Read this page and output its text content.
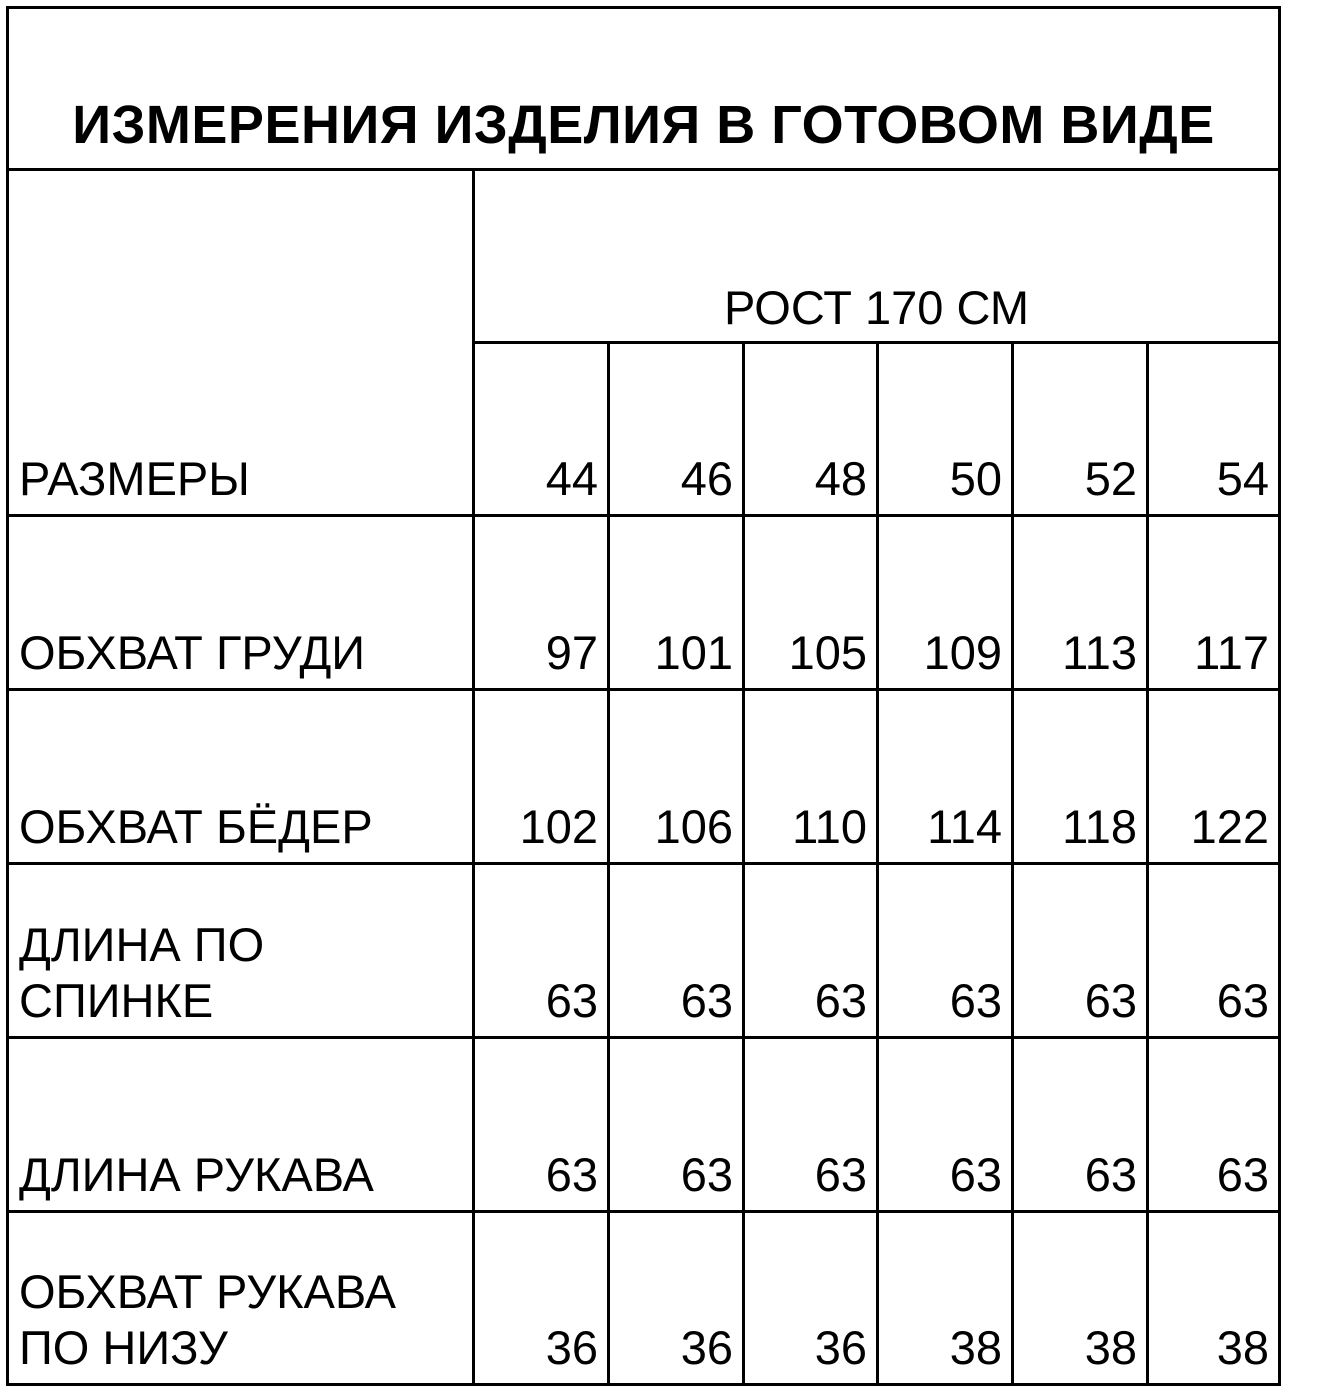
ИЗМЕРЕНИЯ ИЗДЕЛИЯ В ГОТОВОМ ВИДЕ
РОСТ 170 СМ
РАЗМЕРЫ	44	46	48	50	52	54
ОБХВАТ ГРУДИ	97	101	105	109	113	117
ОБХВАТ БЁДЕР	102	106	110	114	118	122
ДЛИНА ПО
СПИНКЕ	63	63	63	63	63	63
ДЛИНА РУКАВА	63	63	63	63	63	63
ОБХВАТ РУКАВА
ПО НИЗУ	36	36	36	38	38	38
